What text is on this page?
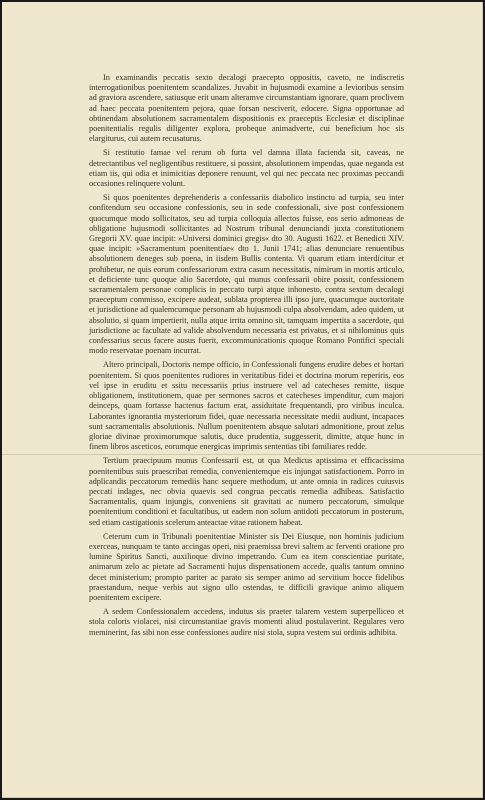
In examinandis peccatis sexto decalogi praecepto oppositis, caveto, ne indiscretis interrogationibus poenitentem scandalizes. Juvabit in hujusmodi examine a levioribus sensim ad graviora ascendere, satiusque erit unam alteramve circumstantiam ignorare, quam proclivem ad haec peccata poenitentem pejora, quae forsan nesciverit, edocere. Signa opportunae ad obtinendam absolutionem sacramentalem dispositionis ex praeceptis Ecclesiæ et disciplinae poenitentialis regulis diligenter explora, probeque animadverte, cui beneficium hoc sis elargiturus, cui autem recusaturus.

Si restitutio famae vel rerum ob furta vel damna illata facienda sit, caveas, ne detrectantibus vel negligentibus restituere, si possint, absolutionem impendas, quae neganda est etiam iis, qui odia et inimicitias deponere renuunt, vel qui nec peccata nec proximas peccandi occasiones relinquere volunt.

Si quos poenitentes deprehenderis a confessariis diabolico instinctu ad turpia, seu inter confitendum seu occasione confessionis, seu in sede confessionali, sive post confessionem quocumque modo sollicitatos, seu ad turpia colloquia allectos fuisse, eos serio admoneas de obligatione hujusmodi sollicitantes ad Nostrum tribunal denunciandi juxta constitutionem Gregorii XV. quae incipit: »Universi dominici gregis« dto 30. Augusti 1622. et Benedicti XIV. quae incipit: »Sacramentum poenitentiae« dto 1. Junii 1741; alias denunciare renuentibus absolutionem deneges sub poena, in iisdem Bullis contenta. Vi quarum etiam interdicitur et prohibetur, ne quis eorum confessariorum extra casum necessitatis, nimirum in mortis articulo, et deficiente tunc quoque alio Sacerdote, qui munus confessarii obire possit, confessionem sacramentalem personae complicis in peccato turpi atque inhonesto, contra sextum decalogi praeceptum commisso, excipere audeat, sublata propterea illi ipso jure, quacumque auctoritate et jurisdictione ad qualemcumque personam ab hujusmodi culpa absolvendam, adeo quidem, ut absolutio, si quam impertierit, nulla atque irrita omnino sit, tamquam impertita a sacerdote, qui jurisdictione ac facultate ad valide absolvendum necessaria est privatus, et si nihilominus quis confessarius secus facere ausus fuerit, excommunicationis quoque Romano Pontifici speciali modo reservatae poenam incurrat.

Altero principali, Doctoris nempe officio, in Confessionali fungens erudire debes et hortari poenitentem. Si quos poenitentes rudiores in veritatibus fidei et doctrina morum reperiris, eos vel ipse in eruditu et ssitu necessariis prius instruere vel ad catecheses remitte, iisque obligationem, institutionem, quae per sermones sacros et catecheses impenditur, cum majori deinceps, quam fortasse hactenus factum erat, assiduitate frequentandi, pro viribus inculca. Laborantes ignorantia mysteriorum fidei, quae necessaria necessitate medii audiunt, incapaces sunt sacramentalis absolutionis. Nullum poenitentem absque salutari admonitione, prout zelus gloriae divinae proximorumque salutis, duce prudentia, suggesserit, dimitte, atque hunc in finem libros asceticos, eorumque energicas imprimis sententias tibi familiares redde.

Tertium praecipuum munus Confessarii est, ut qua Medicus aptissima et efficacissima poenitentibus suis praescribat remedia, convenientemque eis injungat satisfactionem. Porro in adplicandis peccatorum remediis hanc sequere methodum, ut ante omnia in radices cuiusvis peccati indages, nec obvia quaevis sed congrua peccatis remedia adhibeas. Satisfactio Sacramentalis, quam injungis, conveniens sit gravitati ac numero peccatorum, simulque poenitentium conditioni et facultatibus, ut eadem non solum antidoti peccatorum in posterum, sed etiam castigationis scelerum anteactae vitae rationem habeat.

Ceterum cum in Tribunali poenitentiae Minister sis Dei Eiusque, non hominis judicium exerceas, nunquam te tanto accingas operi, nisi praemissa brevi saltem ac ferventi oratione pro lumine Spiritus Sancti, auxilioque divino impetrando. Cum ea item conscientiae puritate, animarum zelo ac pietate ad Sacramenti hujus dispensationem accede, qualis tantum omnino decet ministerium; prompto pariter ac parato sis semper animo ad servitium hocce fidelibus praestandum, neque verbis aut signo ullo ostendas, te difficili gravique animo aliquem poenitentem excipere.

A sedem Confessionalem accedens, indutus sis praeter talarem vestem superpelliceo et stola coloris violacei, nisi circumstantiae gravis momenti aliud postulaverint. Regulares vero meminerint, fas sibi non esse confessiones audire nisi stola, supra vestem sui ordinis adhibita.
